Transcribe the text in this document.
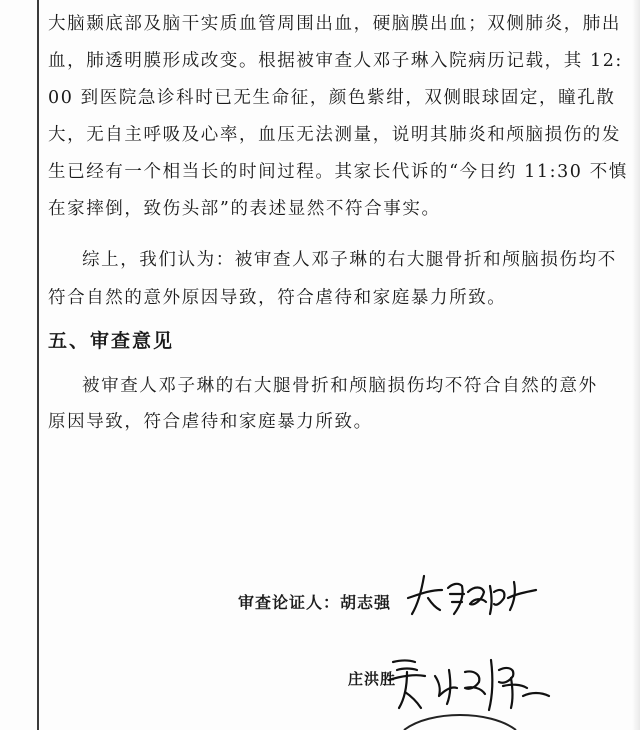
大脑颞底部及脑干实质血管周围出血，硬脑膜出血；双侧肺炎，肺出
血，肺透明膜形成改变。根据被审查人邓子琳入院病历记载，其 12:
00 到医院急诊科时已无生命征，颜色紫绀，双侧眼球固定，瞳孔散
大，无自主呼吸及心率，血压无法测量，说明其肺炎和颅脑损伤的发
生已经有一个相当长的时间过程。其家长代诉的“今日约 11:30 不慎
在家摔倒，致伤头部”的表述显然不符合事实。
综上，我们认为：被审查人邓子琳的右大腿骨折和颅脑损伤均不
符合自然的意外原因导致，符合虐待和家庭暴力所致。
五、审查意见
被审查人邓子琳的右大腿骨折和颅脑损伤均不符合自然的意外
原因导致，符合虐待和家庭暴力所致。
审查论证人：胡志强
庄洪胜
